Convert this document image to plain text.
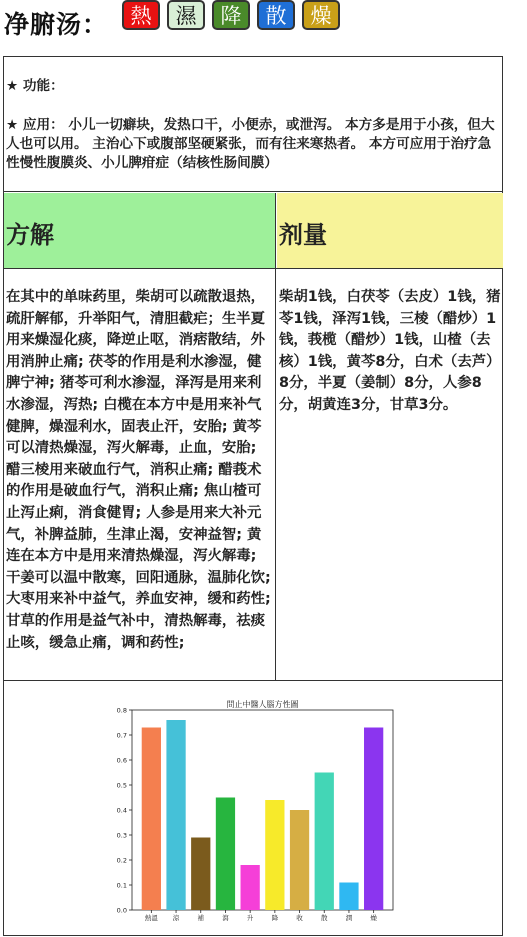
净腑汤：	熱	濕	降	散	燥
★ 功能：
★ 应用： 小儿一切癖块，发热口干，小便赤，或泄泻。 本方多是用于小孩，但大人也可以用。 主治心下或腹部坚硬紧张，而有往来寒热者。 本方可应用于治疗急性慢性腹膜炎、小儿脾疳症（结核性肠间膜）
方解	剂量
在其中的单味药里，柴胡可以疏散退热，疏肝解郁，升举阳气，清胆截疟；生半夏用来燥湿化痰，降逆止呕，消痞散结，外用消肿止痛; 茯苓的作用是利水渗湿，健脾宁神; 猪苓可利水渗湿，泽泻是用来利水渗湿，泻热; 白榄在本方中是用来补气健脾，燥湿利水，固表止汗，安胎; 黄芩可以清热燥湿，泻火解毒，止血，安胎; 醋三棱用来破血行气，消积止痛; 醋莪术的作用是破血行气，消积止痛; 焦山楂可止泻止痢，消食健胃; 人参是用来大补元气，补脾益肺，生津止渴，安神益智; 黄连在本方中是用来清热燥湿，泻火解毒; 干姜可以温中散寒，回阳通脉，温肺化饮; 大枣用来补中益气，养血安神，缓和药性; 甘草的作用是益气补中，清热解毒，祛痰止咳，缓急止痛，调和药性;
柴胡1钱，白茯苓（去皮）1钱，猪苓1钱，泽泻1钱，三棱（醋炒）1钱，莪榄（醋炒）1钱，山楂（去核）1钱，黄芩8分，白术（去芦）8分，半夏（姜制）8分，人参8分，胡黄连3分，甘草3分。
問止中醫人腦方性圖
0.0
0.1
0.2
0.3
0.4
0.5
0.6
0.7
0.8
熱溫 涼	補	瀉	升	降	收	散	潤	燥
